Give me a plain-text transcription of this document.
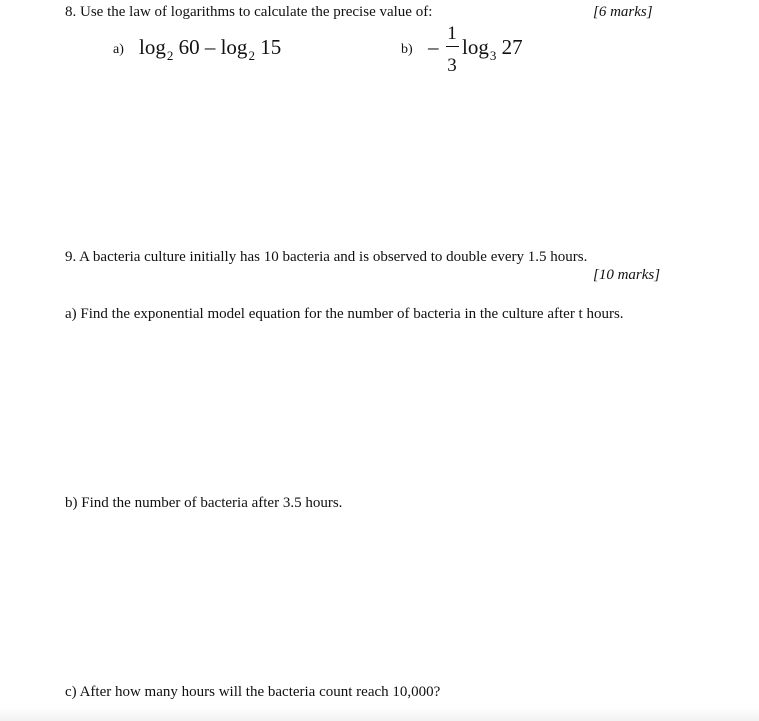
8. Use the law of logarithms to calculate the precise value of:	[6 marks]
a) $\log_2 60 - \log_2 15$	b) –
1
3
$\log_3 27$
9. A bacteria culture initially has 10 bacteria and is observed to double every 1.5 hours.
[10 marks]
a) Find the exponential model equation for the number of bacteria in the culture after t hours.
b) Find the number of bacteria after 3.5 hours.
c) After how many hours will the bacteria count reach 10,000?
